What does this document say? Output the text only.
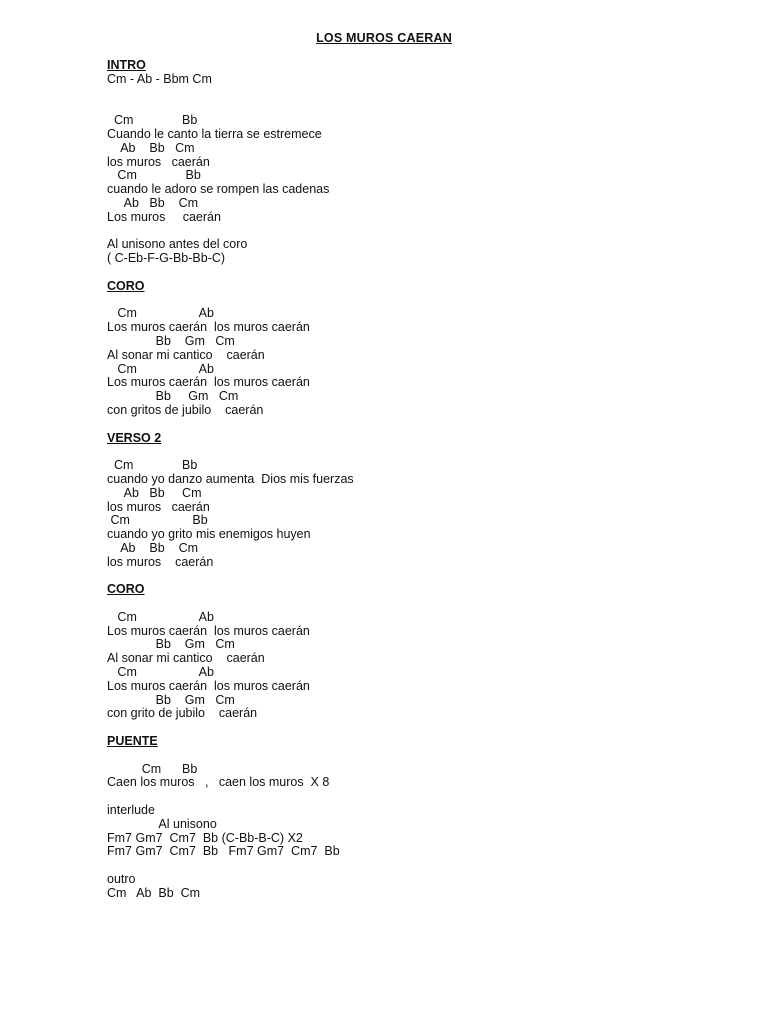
LOS MUROS CAERAN
INTRO
Cm - Ab - Bbm Cm
Cm              Bb
Cuando le canto la tierra se estremece
Ab    Bb   Cm
los muros   caerán
Cm              Bb
cuando le adoro se rompen las cadenas
Ab   Bb    Cm
Los muros     caerán
Al unisono antes del coro
( C-Eb-F-G-Bb-Bb-C)
CORO
Cm                  Ab
Los muros caerán  los muros caerán
Bb    Gm   Cm
Al sonar mi cantico    caerán
Cm                  Ab
Los muros caerán  los muros caerán
Bb     Gm   Cm
con gritos de jubilo    caerán
VERSO 2
Cm              Bb
cuando yo danzo aumenta  Dios mis fuerzas
Ab   Bb     Cm
los muros   caerán
Cm                  Bb
cuando yo grito mis enemigos huyen
Ab    Bb    Cm
los muros    caerán
CORO
Cm                  Ab
Los muros caerán  los muros caerán
Bb    Gm   Cm
Al sonar mi cantico    caerán
Cm                  Ab
Los muros caerán  los muros caerán
Bb    Gm   Cm
con grito de jubilo    caerán
PUENTE
Cm      Bb
Caen los muros   ,   caen los muros  X 8
interlude
Al unisono
Fm7 Gm7  Cm7  Bb (C-Bb-B-C) X2
Fm7 Gm7  Cm7  Bb   Fm7 Gm7  Cm7  Bb
outro
Cm   Ab  Bb  Cm
